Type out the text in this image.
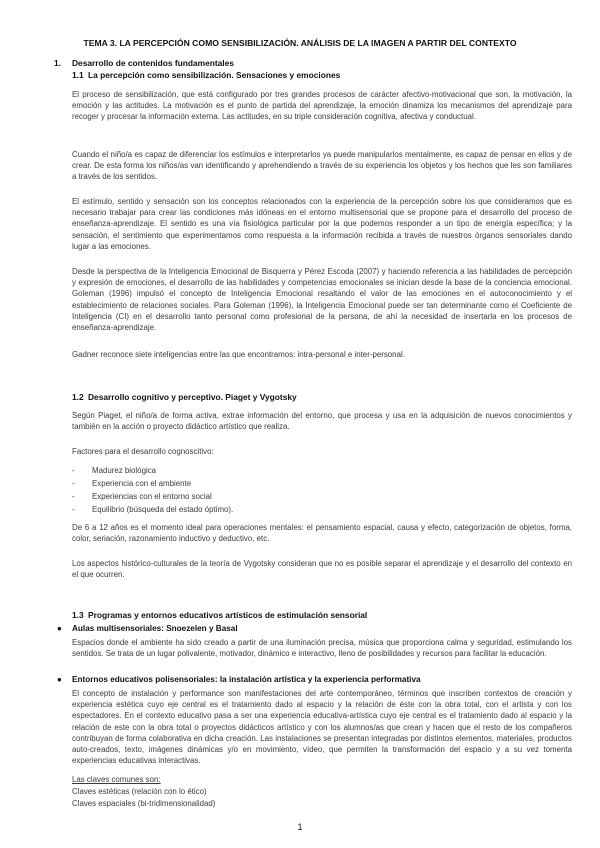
TEMA 3. LA PERCEPCIÓN COMO SENSIBILIZACIÓN. ANÁLISIS DE LA IMAGEN A PARTIR DEL CONTEXTO
1. Desarrollo de contenidos fundamentales
1.1 La percepción como sensibilización. Sensaciones y emociones
El proceso de sensibilización, que está configurado por tres grandes procesos de carácter afectivo-motivacional que son, la motivación, la emoción y las actitudes. La motivación es el punto de partida del aprendizaje, la emoción dinamiza los mecanismos del aprendizaje para recoger y procesar la información externa. Las actitudes, en su triple consideración cognitiva, afectiva y conductual.
Cuando el niño/a es capaz de diferenciar los estímulos e interpretarlos ya puede manipularlos mentalmente, es capaz de pensar en ellos y de crear. De esta forma los niños/as van identificando y aprehendiendo a través de su experiencia los objetos y los hechos que les son familiares a través de los sentidos.
El estímulo, sentido y sensación son los conceptos relacionados con la experiencia de la percepción sobre los que consideramos que es necesario trabajar para crear las condiciones más idóneas en el entorno multisensorial que se propone para el desarrollo del proceso de enseñanza-aprendizaje. El sentido es una vía fisiológica particular por la que podemos responder a un tipo de energía específica; y la sensación, el sentimiento que experimentamos como respuesta a la información recibida a través de nuestros órganos sensoriales dando lugar a las emociones.
Desde la perspectiva de la Inteligencia Emocional de Bisquerra y Pérez Escoda (2007) y haciendo referencia a las habilidades de percepción y expresión de emociones, el desarrollo de las habilidades y competencias emocionales se inician desde la base de la conciencia emocional. Goleman (1996) impulsó el concepto de Inteligencia Emocional resaltando el valor de las emociones en el autoconocimiento y el establecimiento de relaciones sociales. Para Goleman (1996), la Inteligencia Emocional puede ser tan determinante como el Coeficiente de Inteligencia (CI) en el desarrollo tanto personal como profesional de la persona, de ahí la necesidad de insertarla en los procesos de enseñanza-aprendizaje.
Gadner reconoce siete inteligencias entre las que encontramos: intra-personal e inter-personal.
1.2 Desarrollo cognitivo y perceptivo. Piaget y Vygotsky
Según Piaget, el niño/a de forma activa, extrae información del entorno, que procesa y usa en la adquisición de nuevos conocimientos y también en la acción o proyecto didáctico artístico que realiza.
Factores para el desarrollo cognoscitivo:
- Madurez biológica
- Experiencia con el ambiente
- Experiencias con el entorno social
- Equilibrio (búsqueda del estado óptimo).
De 6 a 12 años es el momento ideal para operaciones mentales: el pensamiento espacial, causa y efecto, categorización de objetos, forma, color, seriación, razonamiento inductivo y deductivo, etc.
Los aspectos histórico-culturales de la teoría de Vygotsky consideran que no es posible separar el aprendizaje y el desarrollo del contexto en el que ocurren.
1.3 Programas y entornos educativos artísticos de estimulación sensorial
● Aulas multisensoriales: Snoezelen y Basal
Espacios donde el ambiente ha sido creado a partir de una iluminación precisa, música que proporciona calma y seguridad, estimulando los sentidos. Se trata de un lugar polivalente, motivador, dinámico e interactivo, lleno de posibilidades y recursos para facilitar la educación.
● Entornos educativos polisensoriales: la instalación artística y la experiencia performativa
El concepto de instalación y performance son manifestaciones del arte contemporáneo, términos que inscriben contextos de creación y experiencia estética cuyo eje central es el tratamiento dado al espacio y la relación de éste con la obra total, con el artista y con los espectadores. En el contexto educativo pasa a ser una experiencia educativa-artística cuyo eje central es el tratamiento dado al espacio y la relación de este con la obra total o proyectos didácticos artístico y con los alumnos/as que crean y hacen que el resto de los compañeros contribuyan de forma colaborativa en dicha creación. Las instalaciones se presentan integradas por distintos elementos, materiales, productos auto-creados, texto, imágenes dinámicas y/o en movimiento, vídeo, que permiten la transformación del espacio y a su vez tomenta experiencias educativas interactivas.
Las claves comunes son:
Claves estéticas (relación con lo ético)
Claves espaciales (bi-tridimensionalidad)
1
